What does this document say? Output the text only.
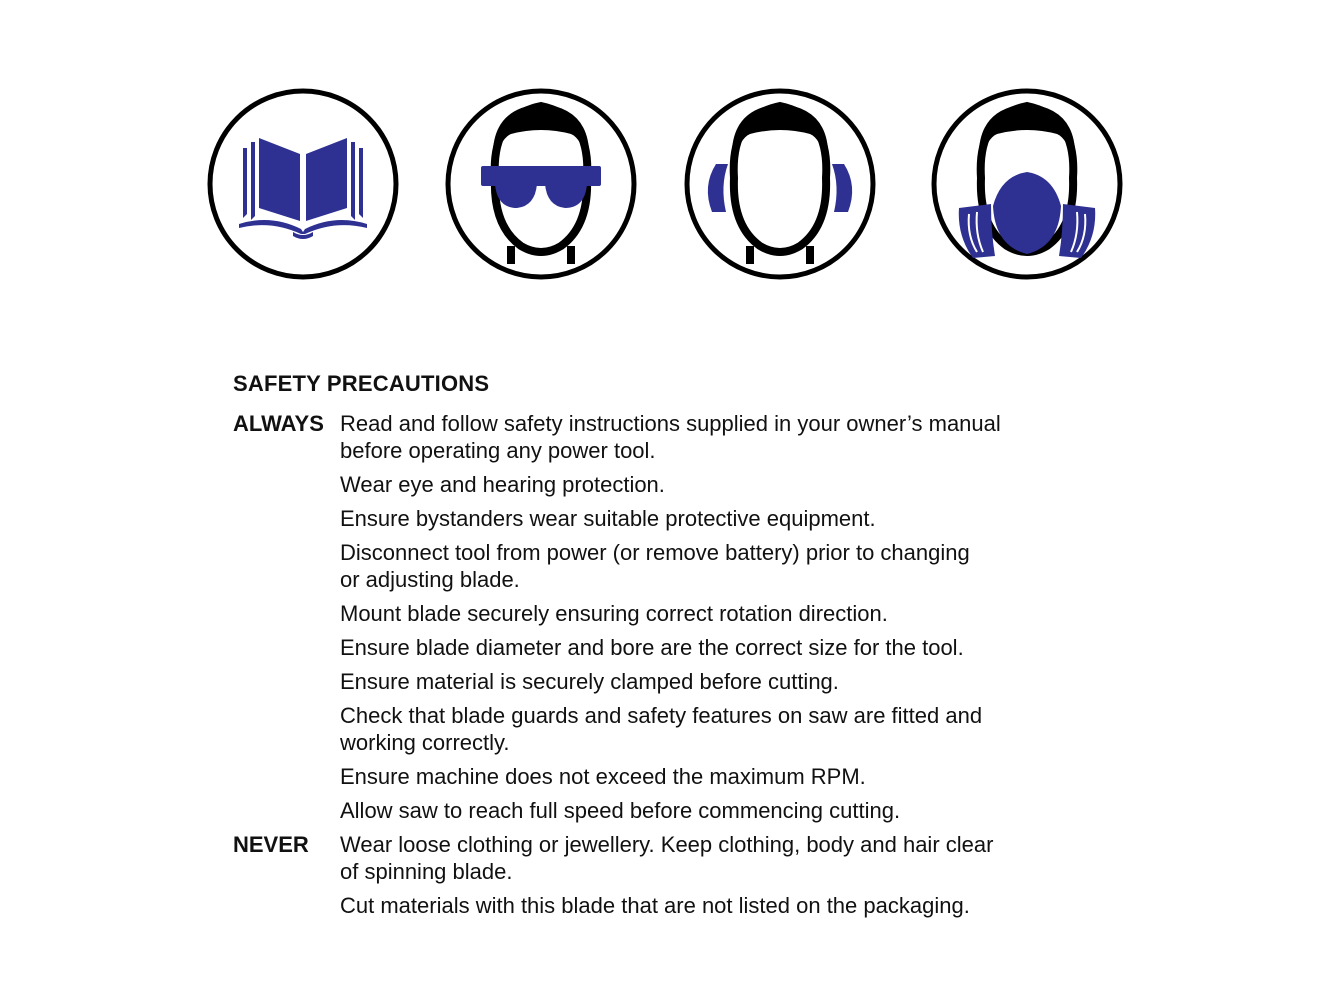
SAFETY PRECAUTIONS
ALWAYS Read and follow safety instructions supplied in your owner’s manual
before operating any power tool.
Wear eye and hearing protection.
Ensure bystanders wear suitable protective equipment.
Disconnect tool from power (or remove battery) prior to changing
or adjusting blade.
Mount blade securely ensuring correct rotation direction.
Ensure blade diameter and bore are the correct size for the tool.
Ensure material is securely clamped before cutting.
Check that blade guards and safety features on saw are fitted and
working correctly.
Ensure machine does not exceed the maximum RPM.
Allow saw to reach full speed before commencing cutting.
NEVER	Wear loose clothing or jewellery. Keep clothing, body and hair clear
of spinning blade.
Cut materials with this blade that are not listed on the packaging.
